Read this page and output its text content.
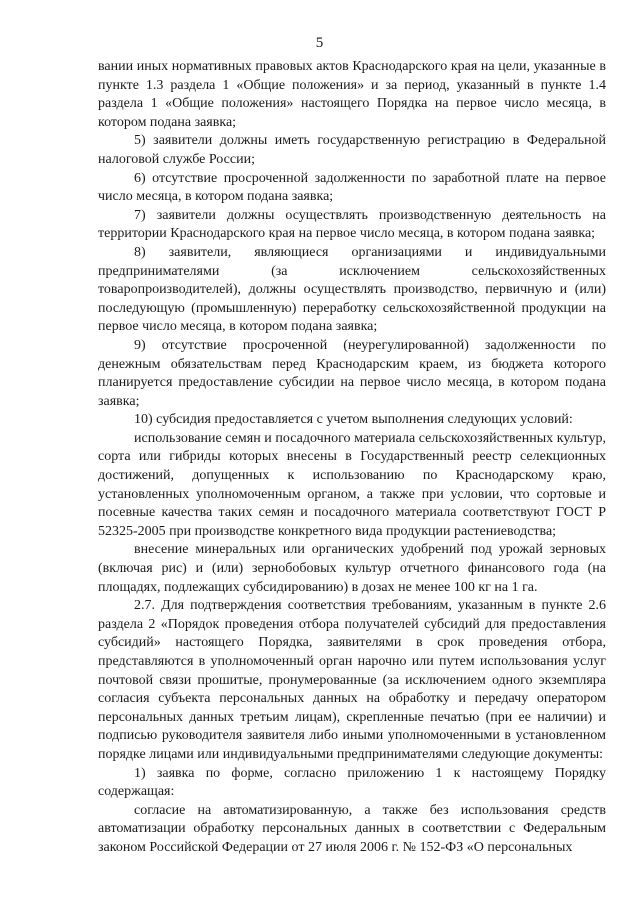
5

вании иных нормативных правовых актов Краснодарского края на цели, указанные в пункте 1.3 раздела 1 «Общие положения» и за период, указанный в пункте 1.4 раздела 1 «Общие положения» настоящего Порядка на первое число месяца, в котором подана заявка;

5) заявители должны иметь государственную регистрацию в Федеральной налоговой службе России;

6) отсутствие просроченной задолженности по заработной плате на первое число месяца, в котором подана заявка;

7) заявители должны осуществлять производственную деятельность на территории Краснодарского края на первое число месяца, в котором подана заявка;

8) заявители, являющиеся организациями и индивидуальными предпринимателями (за исключением сельскохозяйственных товаропроизводителей), должны осуществлять производство, первичную и (или) последующую (промышленную) переработку сельскохозяйственной продукции на первое число месяца, в котором подана заявка;

9) отсутствие просроченной (неурегулированной) задолженности по денежным обязательствам перед Краснодарским краем, из бюджета которого планируется предоставление субсидии на первое число месяца, в котором подана заявка;

10) субсидия предоставляется с учетом выполнения следующих условий:

использование семян и посадочного материала сельскохозяйственных культур, сорта или гибриды которых внесены в Государственный реестр селекционных достижений, допущенных к использованию по Краснодарскому краю, установленных уполномоченным органом, а также при условии, что сортовые и посевные качества таких семян и посадочного материала соответствуют ГОСТ Р 52325-2005 при производстве конкретного вида продукции растениеводства;

внесение минеральных или органических удобрений под урожай зерновых (включая рис) и (или) зернобобовых культур отчетного финансового года (на площадях, подлежащих субсидированию) в дозах не менее 100 кг на 1 га.

2.7. Для подтверждения соответствия требованиям, указанным в пункте 2.6 раздела 2 «Порядок проведения отбора получателей субсидий для предоставления субсидий» настоящего Порядка, заявителями в срок проведения отбора, представляются в уполномоченный орган нарочно или путем использования услуг почтовой связи прошитые, пронумерованные (за исключением одного экземпляра согласия субъекта персональных данных на обработку и передачу оператором персональных данных третьим лицам), скрепленные печатью (при ее наличии) и подписью руководителя заявителя либо иными уполномоченными в установленном порядке лицами или индивидуальными предпринимателями следующие документы:

1) заявка по форме, согласно приложению 1 к настоящему Порядку содержащая:

согласие на автоматизированную, а также без использования средств автоматизации обработку персональных данных в соответствии с Федеральным законом Российской Федерации от 27 июля 2006 г. № 152-ФЗ «О персональных
